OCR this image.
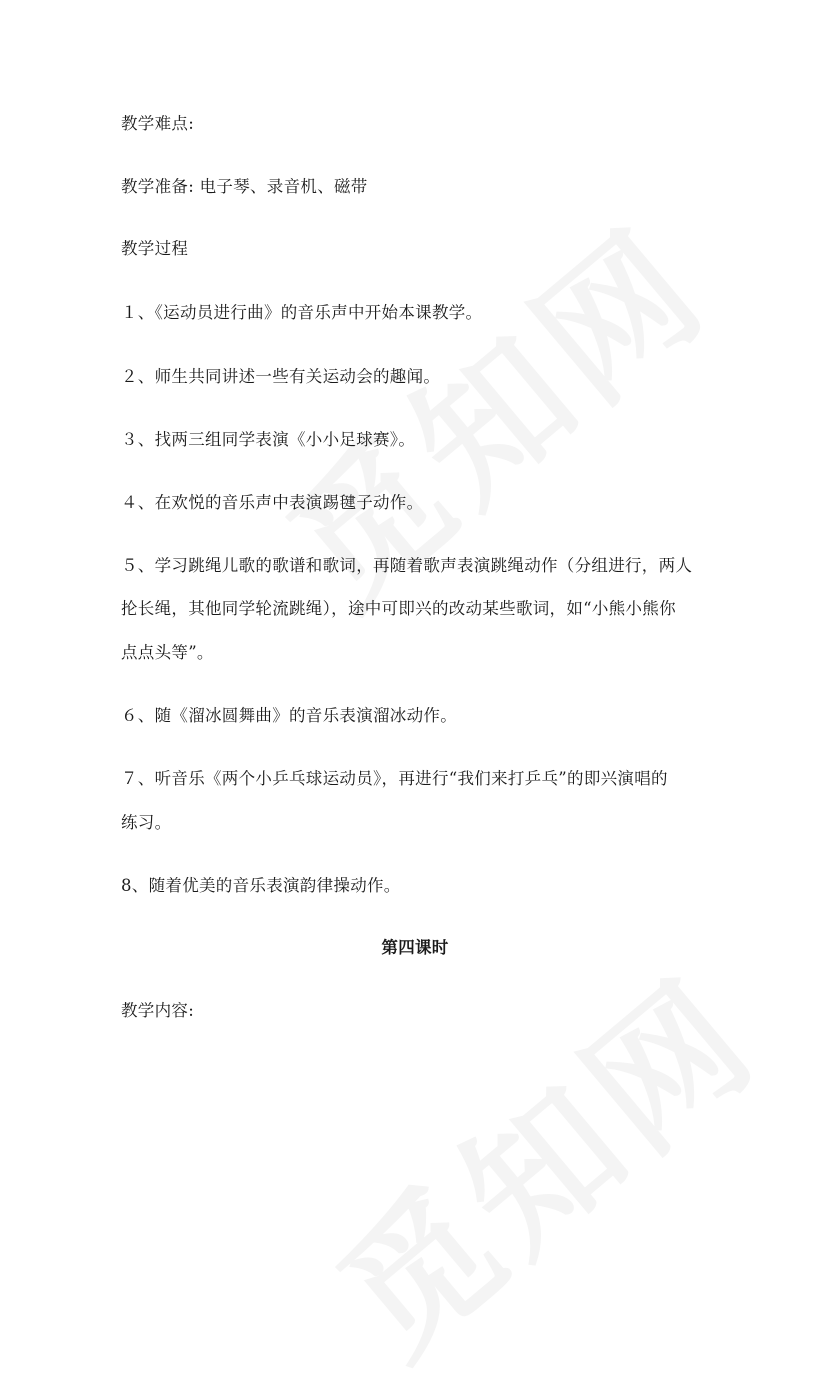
教学难点:
教学准备: 电子琴、录音机、磁带
教学过程
１、《运动员进行曲》的音乐声中开始本课教学。
２、师生共同讲述一些有关运动会的趣闻。
３、找两三组同学表演《小小足球赛》。
４、在欢悦的音乐声中表演踢毽子动作。
５、学习跳绳儿歌的歌谱和歌词，再随着歌声表演跳绳动作（分组进行，两人
抡长绳，其他同学轮流跳绳），途中可即兴的改动某些歌词，如“小熊小熊你
点点头等”。
６、随《溜冰圆舞曲》的音乐表演溜冰动作。
７、听音乐《两个小乒乓球运动员》，再进行“我们来打乒乓”的即兴演唱的
练习。
8、随着优美的音乐表演韵律操动作。
第四课时
教学内容:
